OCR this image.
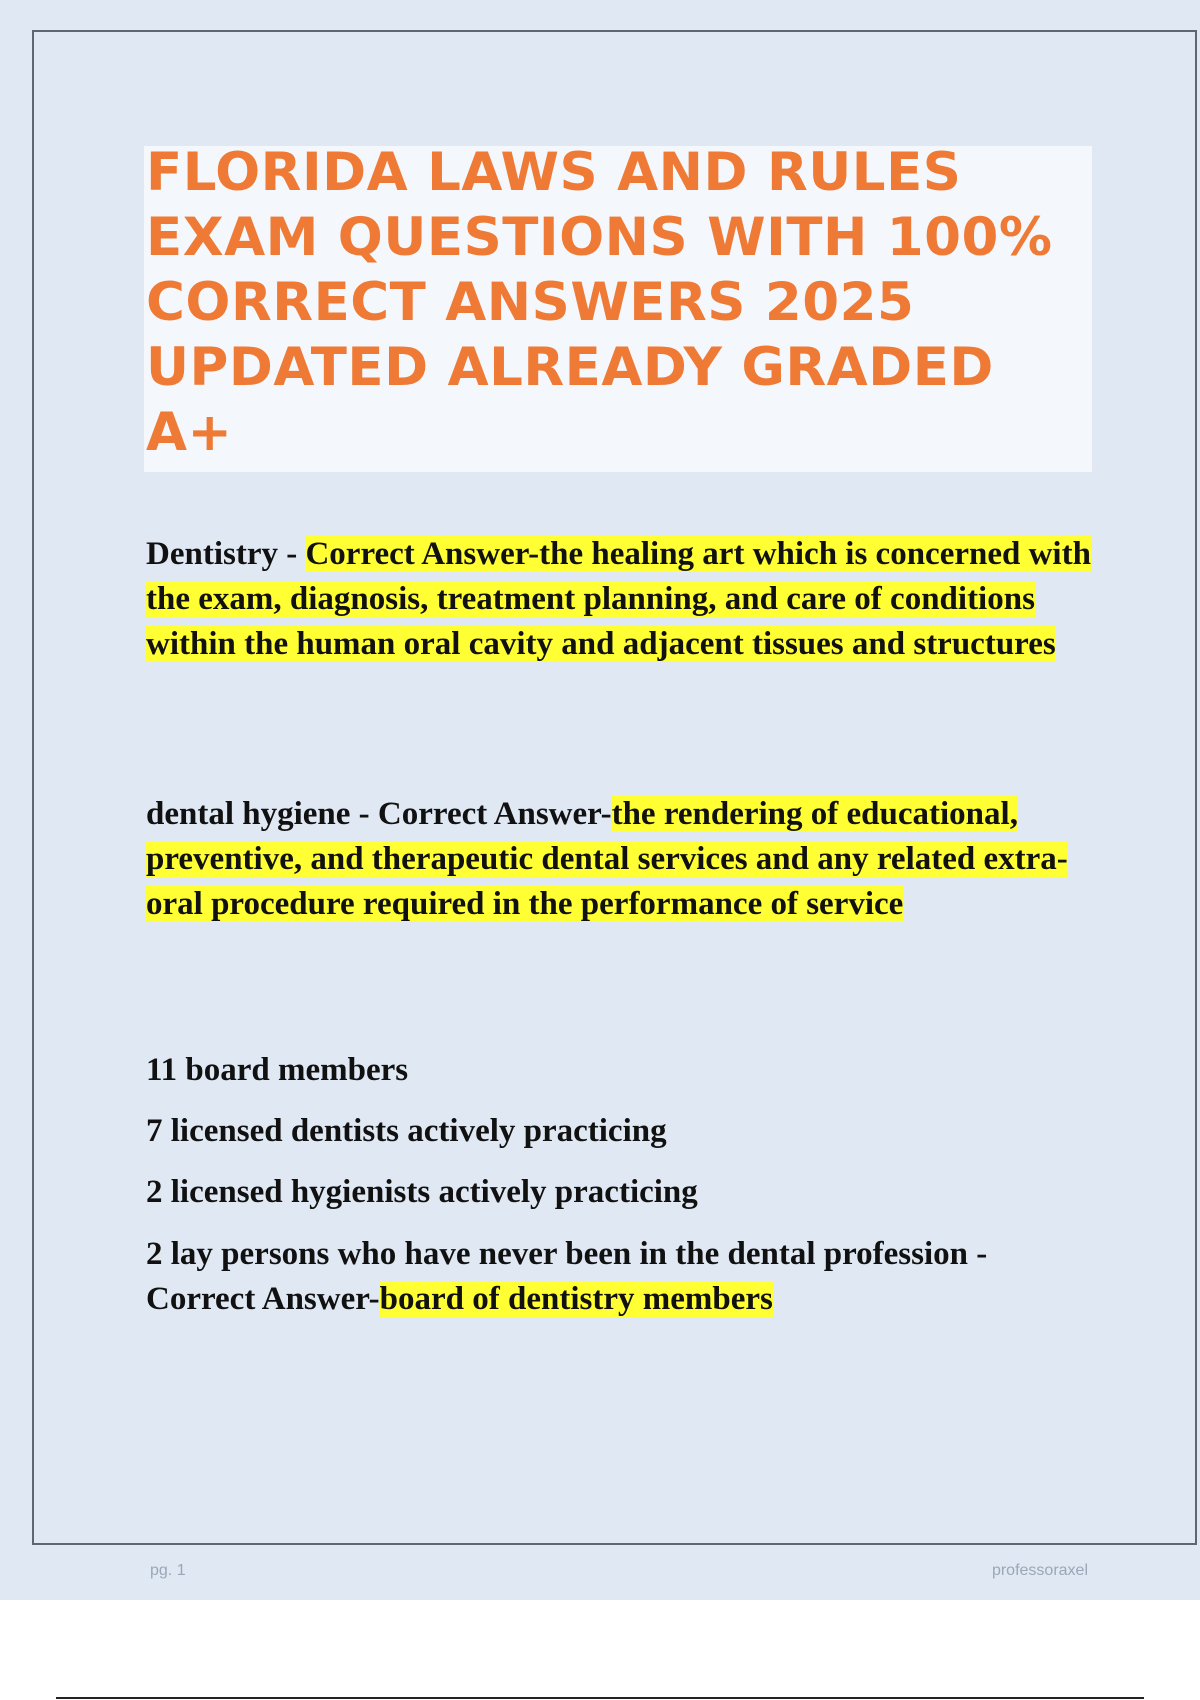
FLORIDA LAWS AND RULES EXAM QUESTIONS WITH 100% CORRECT ANSWERS 2025 UPDATED ALREADY GRADED A+

Dentistry - Correct Answer-the healing art which is concerned with the exam, diagnosis, treatment planning, and care of conditions within the human oral cavity and adjacent tissues and structures

dental hygiene - Correct Answer-the rendering of educational, preventive, and therapeutic dental services and any related extra- oral procedure required in the performance of service

11 board members

7 licensed dentists actively practicing

2 licensed hygienists actively practicing

2 lay persons who have never been in the dental profession - Correct Answer-board of dentistry members

pg. 1	professoraxel
